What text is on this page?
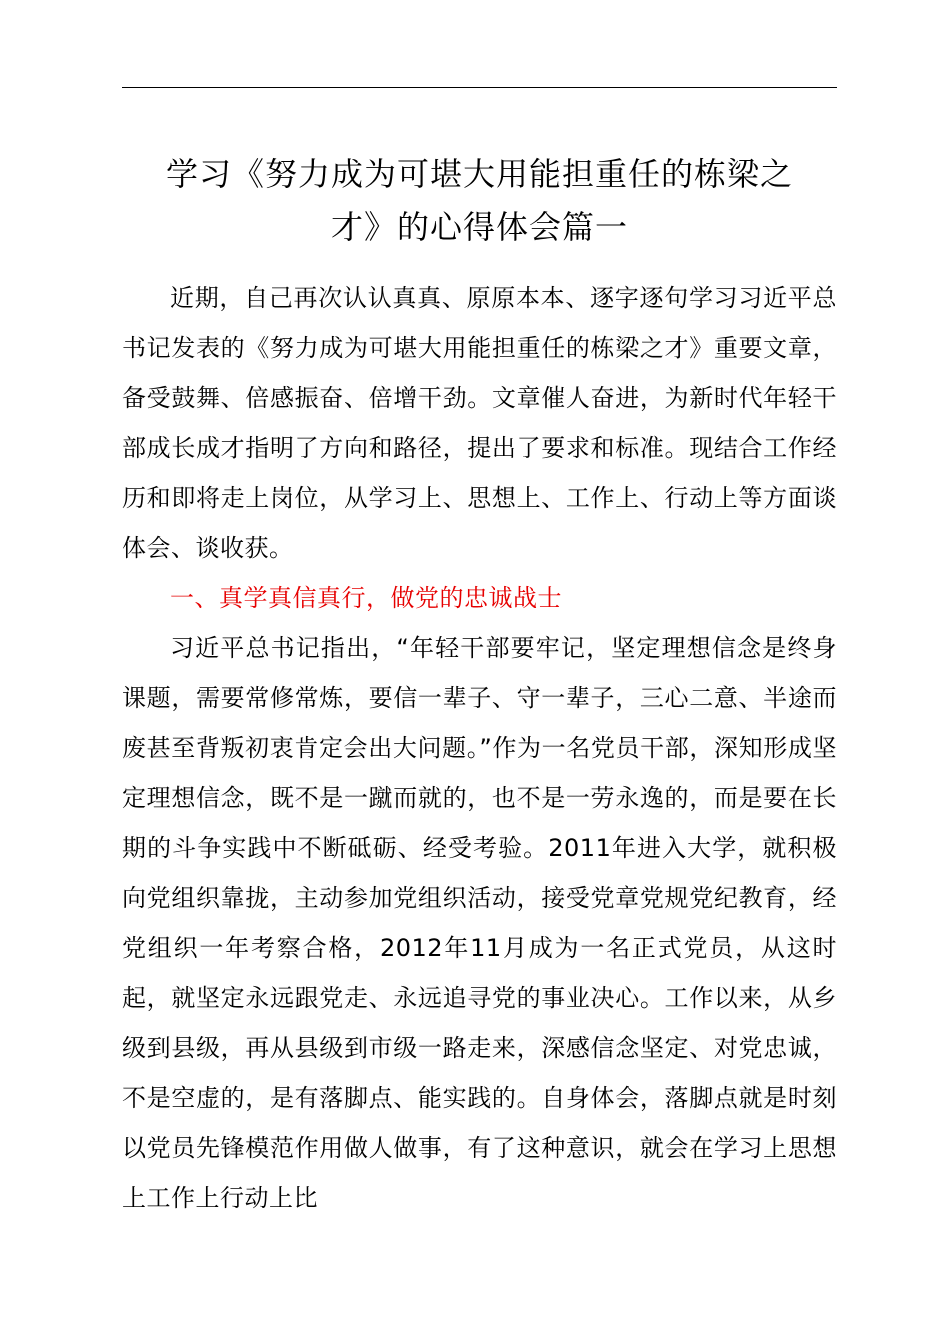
学习《努力成为可堪大用能担重任的栋梁之
才》的心得体会篇一

近期，自己再次认认真真、原原本本、逐字逐句学习习近平总书记发表的《努力成为可堪大用能担重任的栋梁之才》重要文章，备受鼓舞、倍感振奋、倍增干劲。文章催人奋进，为新时代年轻干部成长成才指明了方向和路径，提出了要求和标准。现结合工作经历和即将走上岗位，从学习上、思想上、工作上、行动上等方面谈体会、谈收获。

一、真学真信真行，做党的忠诚战士

习近平总书记指出，“年轻干部要牢记，坚定理想信念是终身课题，需要常修常炼，要信一辈子、守一辈子，三心二意、半途而废甚至背叛初衷肯定会出大问题。”作为一名党员干部，深知形成坚定理想信念，既不是一蹴而就的，也不是一劳永逸的，而是要在长期的斗争实践中不断砥砺、经受考验。2011年进入大学，就积极向党组织靠拢，主动参加党组织活动，接受党章党规党纪教育，经党组织一年考察合格，2012年11月成为一名正式党员，从这时起，就坚定永远跟党走、永远追寻党的事业决心。工作以来，从乡级到县级，再从县级到市级一路走来，深感信念坚定、对党忠诚，不是空虚的，是有落脚点、能实践的。自身体会，落脚点就是时刻以党员先锋模范作用做人做事，有了这种意识，就会在学习上思想上工作上行动上比
